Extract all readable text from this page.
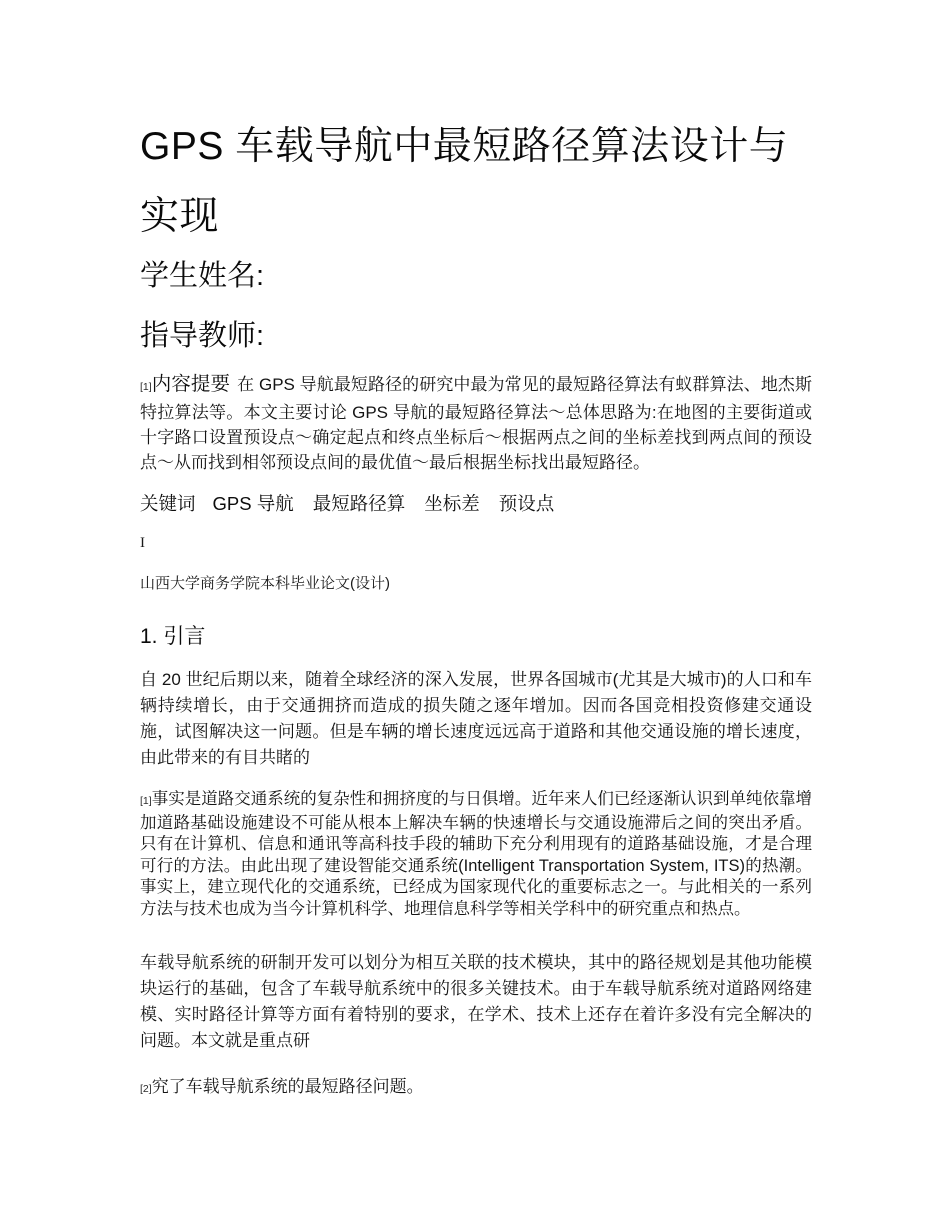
GPS 车载导航中最短路径算法设计与实现
学生姓名:
指导教师:

[1]内容提要 在 GPS 导航最短路径的研究中最为常见的最短路径算法有蚁群算法、地杰斯特拉算法等。本文主要讨论 GPS 导航的最短路径算法～总体思路为:在地图的主要街道或十字路口设置预设点～确定起点和终点坐标后～根据两点之间的坐标差找到两点间的预设点～从而找到相邻预设点间的最优值～最后根据坐标找出最短路径。

关键词 GPS 导航 最短路径算 坐标差 预设点
I
山西大学商务学院本科毕业论文(设计)
1. 引言

自 20 世纪后期以来，随着全球经济的深入发展，世界各国城市(尤其是大城市)的人口和车辆持续增长，由于交通拥挤而造成的损失随之逐年增加。因而各国竞相投资修建交通设施，试图解决这一问题。但是车辆的增长速度远远高于道路和其他交通设施的增长速度，由此带来的有目共睹的

[1]事实是道路交通系统的复杂性和拥挤度的与日俱增。近年来人们已经逐渐认识到单纯依靠增加道路基础设施建设不可能从根本上解决车辆的快速增长与交通设施滞后之间的突出矛盾。只有在计算机、信息和通讯等高科技手段的辅助下充分利用现有的道路基础设施，才是合理可行的方法。由此出现了建设智能交通系统(Intelligent Transportation System, ITS)的热潮。事实上，建立现代化的交通系统，已经成为国家现代化的重要标志之一。与此相关的一系列方法与技术也成为当今计算机科学、地理信息科学等相关学科中的研究重点和热点。

车载导航系统的研制开发可以划分为相互关联的技术模块，其中的路径规划是其他功能模块运行的基础，包含了车载导航系统中的很多关键技术。由于车载导航系统对道路网络建模、实时路径计算等方面有着特别的要求，在学术、技术上还存在着许多没有完全解决的问题。本文就是重点研

[2]究了车载导航系统的最短路径问题。
